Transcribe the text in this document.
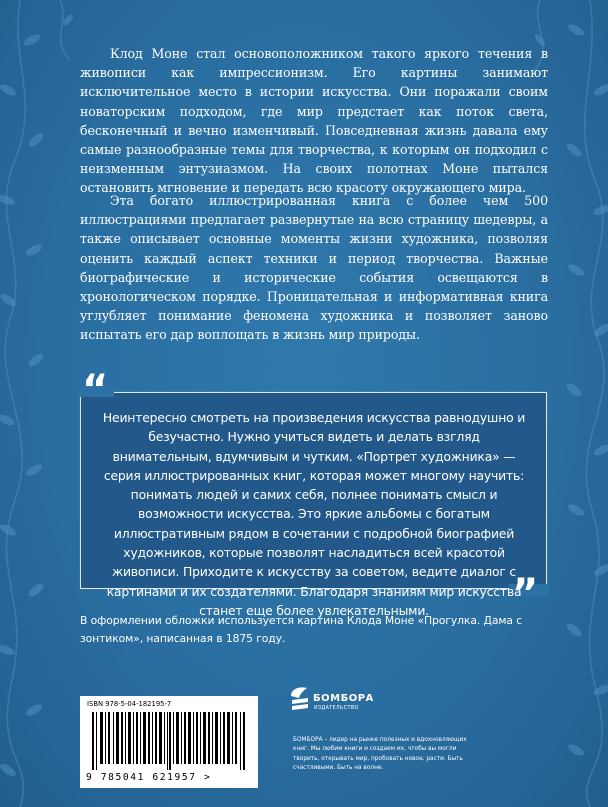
Клод Моне стал основоположником такого яркого течения в живописи как импрессионизм. Его картины занимают исключительное место в истории искусства. Они поражали своим новаторским подходом, где мир предстает как поток света, бесконечный и вечно изменчивый. Повседневная жизнь давала ему самые разнообразные темы для творчества, к которым он подходил с неизменным энтузиазмом. На своих полотнах Моне пытался остановить мгновение и передать всю красоту окружающего мира.

Эта богато иллюстрированная книга с более чем 500 иллюстрациями предлагает развернутые на всю страницу шедевры, а также описывает основные моменты жизни художника, позволяя оценить каждый аспект техники и период творчества. Важные биографические и исторические события освещаются в хронологическом порядке. Проницательная и информативная книга углубляет понимание феномена художника и позволяет заново испытать его дар воплощать в жизнь мир природы.

“
”
Неинтересно смотреть на произведения искусства равнодушно и безучастно. Нужно учиться видеть и делать взгляд внимательным, вдумчивым и чутким. «Портрет художника» — серия иллюстрированных книг, которая может многому научить: понимать людей и самих себя, полнее понимать смысл и возможности искусства. Это яркие альбомы с богатым иллюстративным рядом в сочетании с подробной биографией художников, которые позволят насладиться всей красотой живописи. Приходите к искусству за советом, ведите диалог с картинами и их создателями. Благодаря знаниям мир искусства станет еще более увлекательными.
В оформлении обложки используется картина Клода Моне «Прогулка. Дама с зонтиком», написанная в 1875 году.
ISBN 978-5-04-182195-7
9 785041 621957 >
БОМБОРА
ИЗДАТЕЛЬСТВО
БОМБОРА – лидер на рынке полезных и вдохновляющих книг. Мы любим книги и создаем их, чтобы вы могли творить, открывать мир, пробовать новое, расти. Быть счастливыми. Быть на волне.
